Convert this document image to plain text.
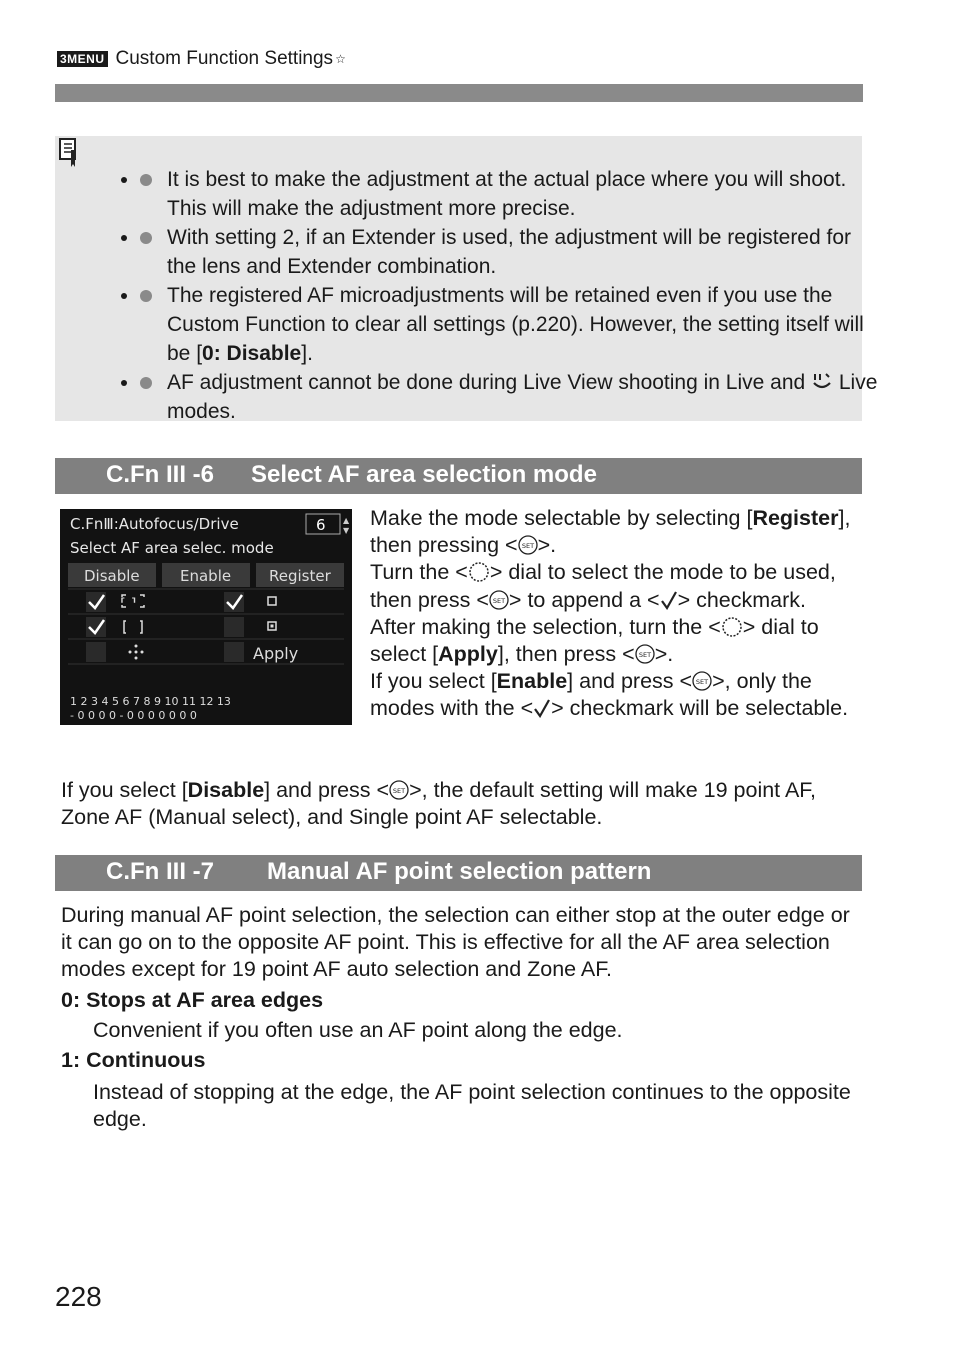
3MENU Custom Function Settings ☆
• It is best to make the adjustment at the actual place where you will shoot. This will make the adjustment more precise.
• With setting 2, if an Extender is used, the adjustment will be registered for the lens and Extender combination.
• The registered AF microadjustments will be retained even if you use the Custom Function to clear all settings (p.220). However, the setting itself will be [0: Disable].
• AF adjustment cannot be done during Live View shooting in Live and  Live modes.
C.Fn III -6 Select AF area selection mode
C.FnⅢ:Autofocus/Drive
Select AF area selec. mode
6 ▲
▼
Disable	Enable	Register
⸢ ⸣
Apply
1 2 3 4 5 6 7 8 9 10 11 12 13
- 0 0 0 0 - 0 0 0 0 0 0 0
Make the mode selectable by selecting [Register], then pressing < SET >.
Turn the < > dial to select the mode to be used, then press < SET > to append a < > checkmark.
After making the selection, turn the < > dial to select [Apply], then press < SET >.
If you select [Enable] and press < SET >, only the modes with the < > checkmark will be selectable.
If you select [Disable] and press < SET >, the default setting will make 19 point AF, Zone AF (Manual select), and Single point AF selectable.
C.Fn III -7 Manual AF point selection pattern
During manual AF point selection, the selection can either stop at the outer edge or it can go on to the opposite AF point. This is effective for all the AF area selection modes except for 19 point AF auto selection and Zone AF.
0: Stops at AF area edges
Convenient if you often use an AF point along the edge.
1: Continuous
Instead of stopping at the edge, the AF point selection continues to the opposite edge.
228
